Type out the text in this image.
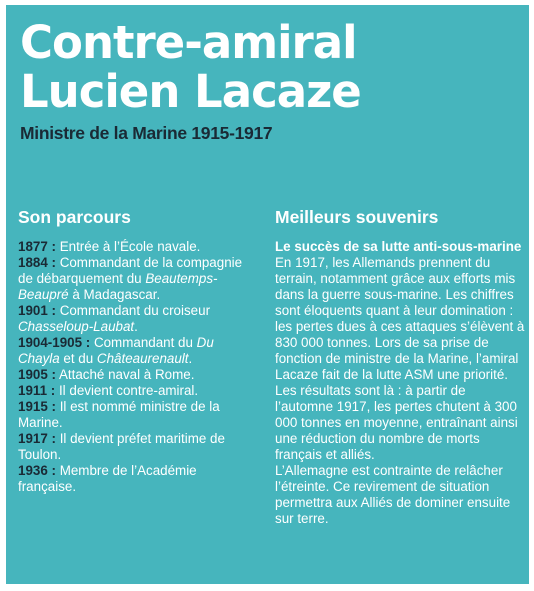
Contre-amiral
Lucien Lacaze

Ministre de la Marine 1915-1917

Son parcours

1877 : Entrée à l’École navale.

1884 : Commandant de la compagnie de débarquement du Beautemps-Beaupré à Madagascar.

1901 : Commandant du croiseur Chasseloup-Laubat.

1904-1905 : Commandant du Du Chayla et du Châteaurenault.

1905 : Attaché naval à Rome.

1911 : Il devient contre-amiral.

1915 : Il est nommé ministre de la Marine.

1917 : Il devient préfet maritime de Toulon.

1936 : Membre de l’Académie française.

Meilleurs souvenirs

Le succès de sa lutte anti-sous-marine

En 1917, les Allemands prennent du terrain, notamment grâce aux efforts mis dans la guerre sous-marine. Les chiffres sont éloquents quant à leur domination : les pertes dues à ces attaques s’élèvent à 830 000 tonnes. Lors de sa prise de fonction de ministre de la Marine, l’amiral Lacaze fait de la lutte ASM une priorité. Les résultats sont là : à partir de l’automne 1917, les pertes chutent à 300 000 tonnes en moyenne, entraînant ainsi une réduction du nombre de morts français et alliés.

L’Allemagne est contrainte de relâcher l’étreinte. Ce revirement de situation permettra aux Alliés de dominer ensuite sur terre.
